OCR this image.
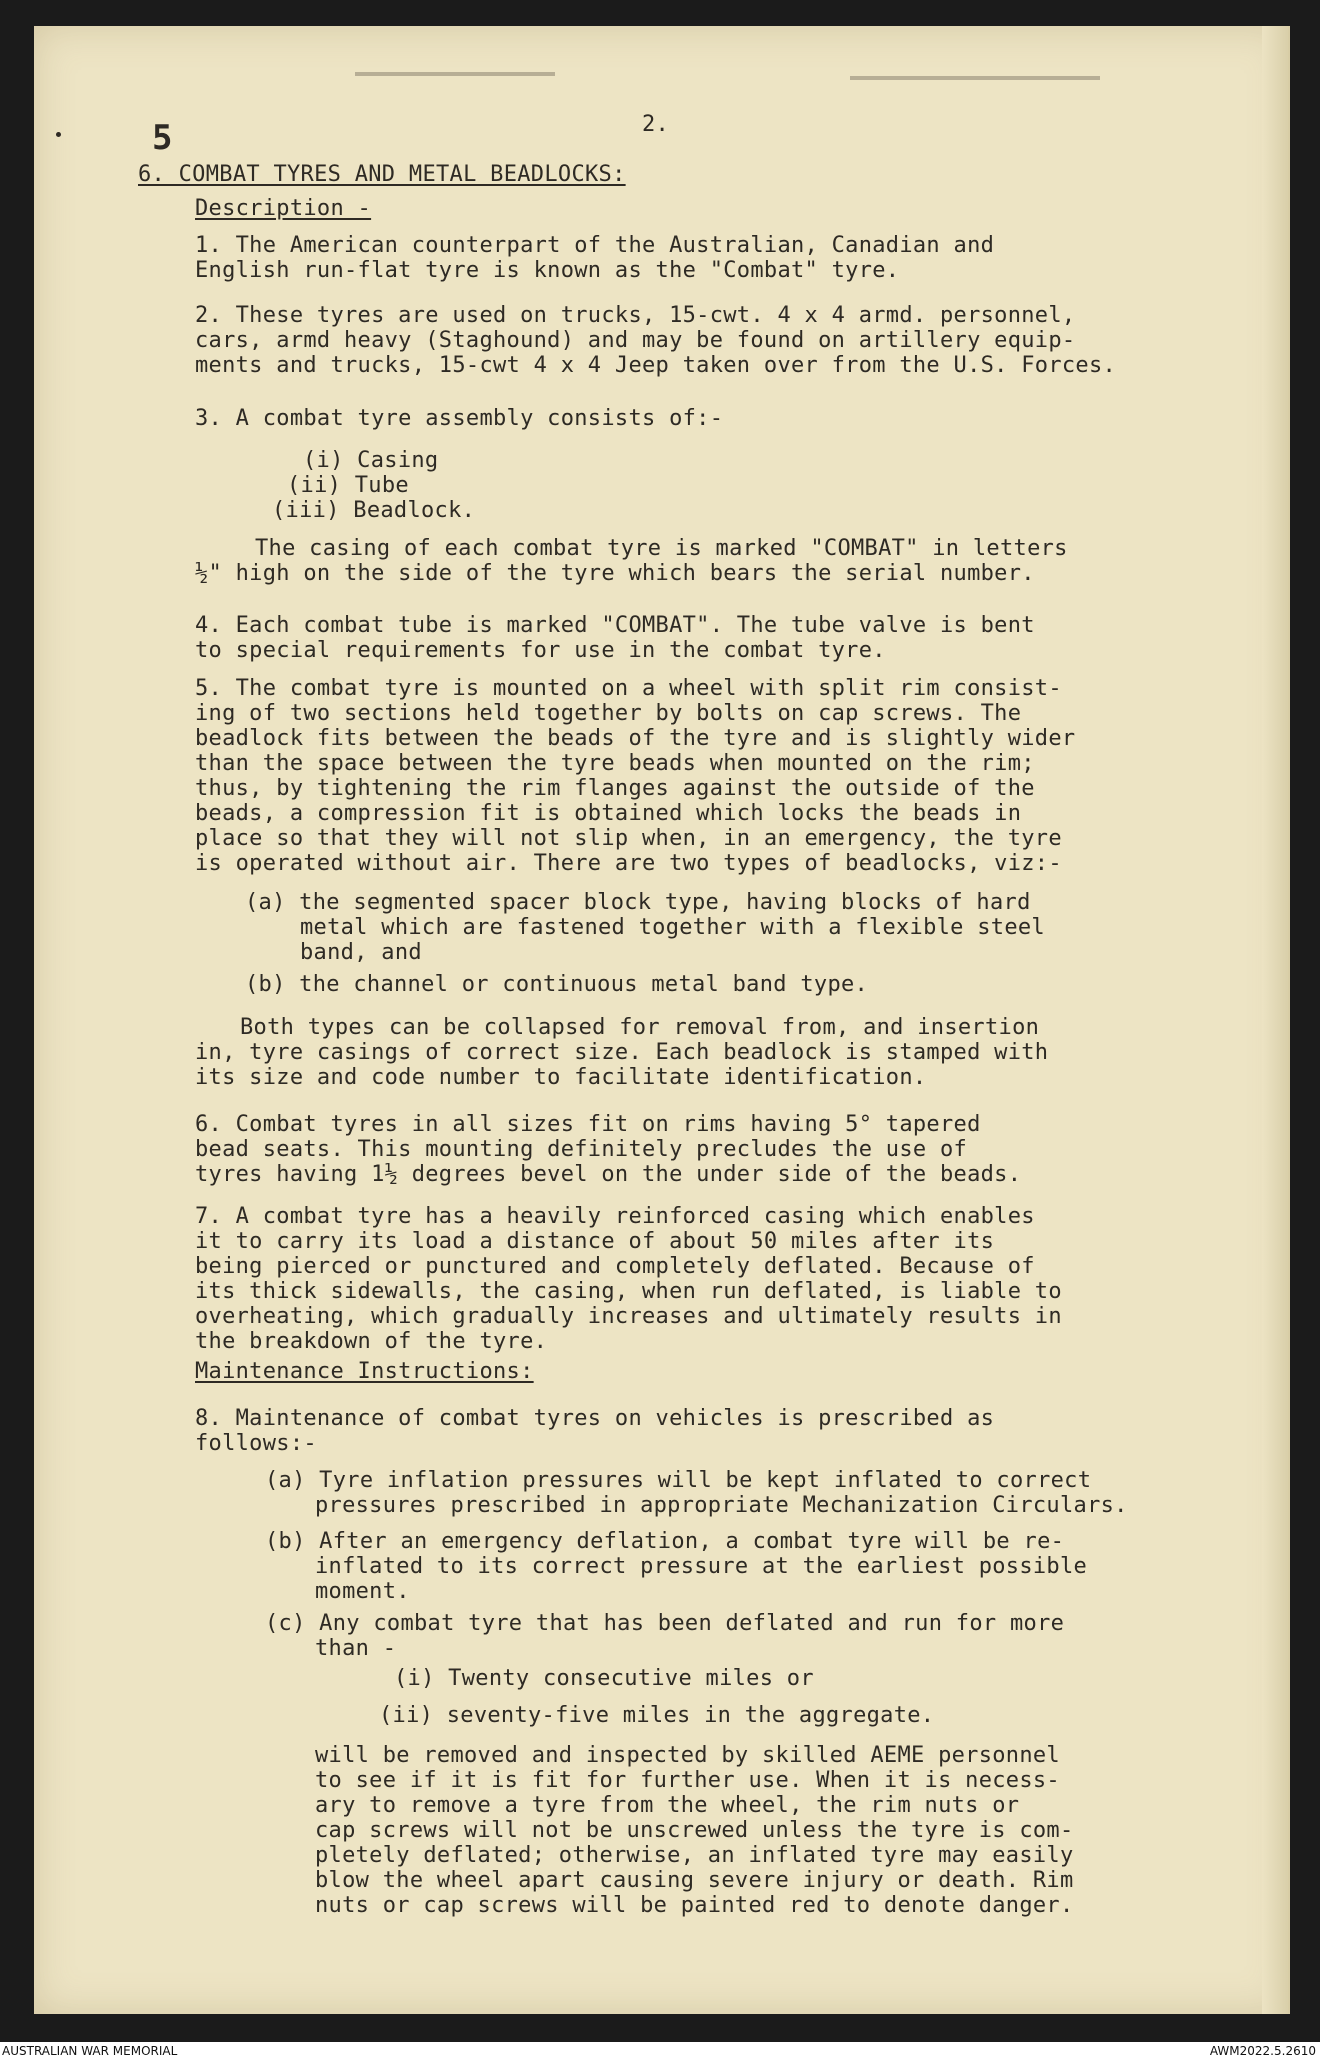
2.
5
6. COMBAT TYRES AND METAL BEADLOCKS:
Description -
1. The American counterpart of the Australian, Canadian and
English run-flat tyre is known as the "Combat" tyre.
2. These tyres are used on trucks, 15-cwt. 4 x 4 armd. personnel,
cars, armd heavy (Staghound) and may be found on artillery equip-
ments and trucks, 15-cwt 4 x 4 Jeep taken over from the U.S. Forces.
3. A combat tyre assembly consists of:-
(i) Casing
(ii) Tube
(iii) Beadlock.
The casing of each combat tyre is marked "COMBAT" in letters
½" high on the side of the tyre which bears the serial number.
4. Each combat tube is marked "COMBAT". The tube valve is bent
to special requirements for use in the combat tyre.
5. The combat tyre is mounted on a wheel with split rim consist-
ing of two sections held together by bolts on cap screws. The
beadlock fits between the beads of the tyre and is slightly wider
than the space between the tyre beads when mounted on the rim;
thus, by tightening the rim flanges against the outside of the
beads, a compression fit is obtained which locks the beads in
place so that they will not slip when, in an emergency, the tyre
is operated without air. There are two types of beadlocks, viz:-
(a) the segmented spacer block type, having blocks of hard
metal which are fastened together with a flexible steel
band, and
(b) the channel or continuous metal band type.
Both types can be collapsed for removal from, and insertion
in, tyre casings of correct size. Each beadlock is stamped with
its size and code number to facilitate identification.
6. Combat tyres in all sizes fit on rims having 5° tapered
bead seats. This mounting definitely precludes the use of
tyres having 1½ degrees bevel on the under side of the beads.
7. A combat tyre has a heavily reinforced casing which enables
it to carry its load a distance of about 50 miles after its
being pierced or punctured and completely deflated. Because of
its thick sidewalls, the casing, when run deflated, is liable to
overheating, which gradually increases and ultimately results in
the breakdown of the tyre.
Maintenance Instructions:
8. Maintenance of combat tyres on vehicles is prescribed as
follows:-
(a) Tyre inflation pressures will be kept inflated to correct
pressures prescribed in appropriate Mechanization Circulars.
(b) After an emergency deflation, a combat tyre will be re-
inflated to its correct pressure at the earliest possible
moment.
(c) Any combat tyre that has been deflated and run for more
than -
(i) Twenty consecutive miles or
(ii) seventy-five miles in the aggregate.
will be removed and inspected by skilled AEME personnel
to see if it is fit for further use. When it is necess-
ary to remove a tyre from the wheel, the rim nuts or
cap screws will not be unscrewed unless the tyre is com-
pletely deflated; otherwise, an inflated tyre may easily
blow the wheel apart causing severe injury or death. Rim
nuts or cap screws will be painted red to denote danger.
AUSTRALIAN WAR MEMORIAL	AWM2022.5.2610
